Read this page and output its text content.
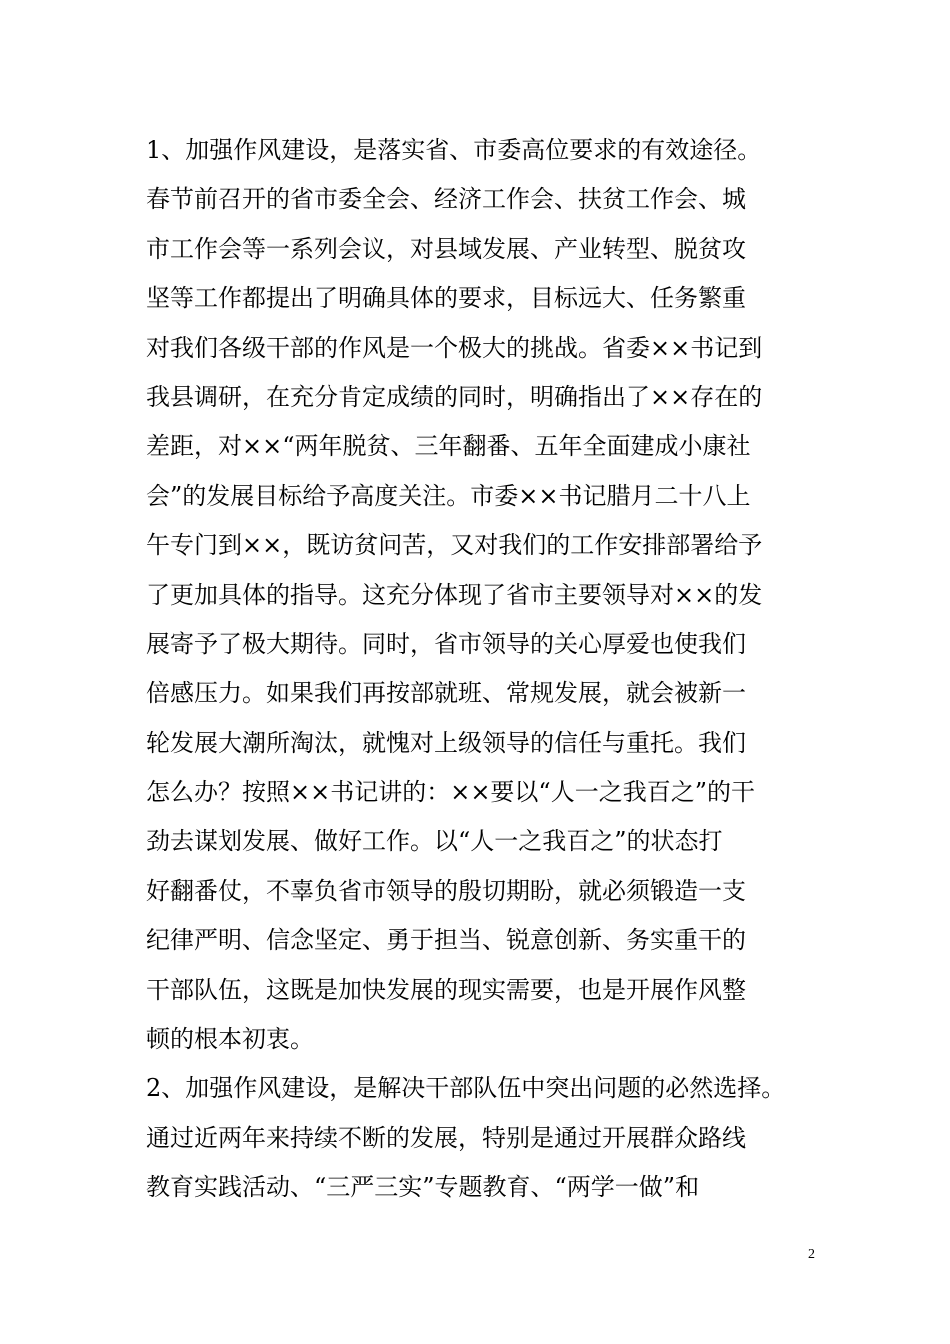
1、加强作风建设，是落实省、市委高位要求的有效途径。
春节前召开的省市委全会、经济工作会、扶贫工作会、城
市工作会等一系列会议，对县域发展、产业转型、脱贫攻
坚等工作都提出了明确具体的要求，目标远大、任务繁重
对我们各级干部的作风是一个极大的挑战。省委××书记到
我县调研，在充分肯定成绩的同时，明确指出了××存在的
差距，对××“两年脱贫、三年翻番、五年全面建成小康社
会”的发展目标给予高度关注。市委××书记腊月二十八上
午专门到××，既访贫问苦，又对我们的工作安排部署给予
了更加具体的指导。这充分体现了省市主要领导对××的发
展寄予了极大期待。同时，省市领导的关心厚爱也使我们
倍感压力。如果我们再按部就班、常规发展，就会被新一
轮发展大潮所淘汰，就愧对上级领导的信任与重托。我们
怎么办？按照××书记讲的：××要以“人一之我百之”的干
劲去谋划发展、做好工作。以“人一之我百之”的状态打
好翻番仗，不辜负省市领导的殷切期盼，就必须锻造一支
纪律严明、信念坚定、勇于担当、锐意创新、务实重干的
干部队伍，这既是加快发展的现实需要，也是开展作风整
顿的根本初衷。
2、加强作风建设，是解决干部队伍中突出问题的必然选择。
通过近两年来持续不断的发展，特别是通过开展群众路线
教育实践活动、“三严三实”专题教育、“两学一做”和
2
